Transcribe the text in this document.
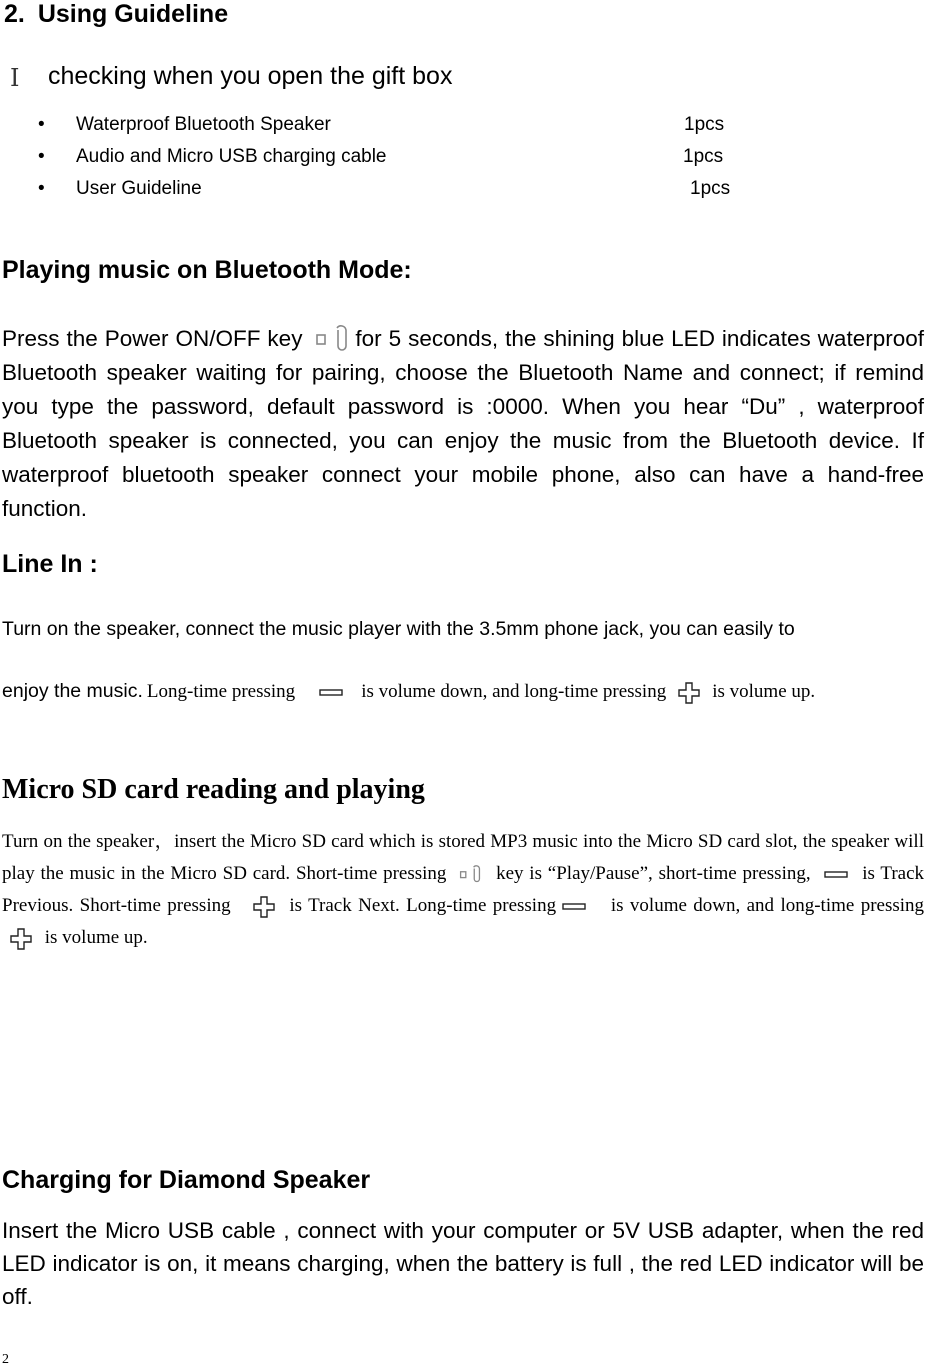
2. Using Guideline
Ⅰ checking when you open the gift box
• Waterproof Bluetooth Speaker	1pcs
• Audio and Micro USB charging cable	1pcs
• User Guideline	1pcs
Playing music on Bluetooth Mode:
Press the Power ON/OFF key for 5 seconds, the shining blue LED indicates waterproof Bluetooth speaker waiting for pairing, choose the Bluetooth Name and connect; if remind you type the password, default password is :0000. When you hear “Du” , waterproof Bluetooth speaker is connected, you can enjoy the music from the Bluetooth device. If waterproof bluetooth speaker connect your mobile phone, also can have a hand-free function.
Line In :
Turn on the speaker, connect the music player with the 3.5mm phone jack, you can easily to
enjoy the music. Long-time pressing	is volume down, and long-time pressing is volume up.
Micro SD card reading and playing
Turn on the speaker，insert the Micro SD card which is stored MP3 music into the Micro SD card slot, the speaker will play the music in the Micro SD card. Short-time pressing	key is “Play/Pause”, short-time pressing,	is Track Previous. Short-time pressing	is Track Next. Long-time pressing	is volume down, and long-time pressing
is volume up.
Charging for Diamond Speaker
Insert the Micro USB cable , connect with your computer or 5V USB adapter, when the red LED indicator is on, it means charging, when the battery is full , the red LED indicator will be off.
2
